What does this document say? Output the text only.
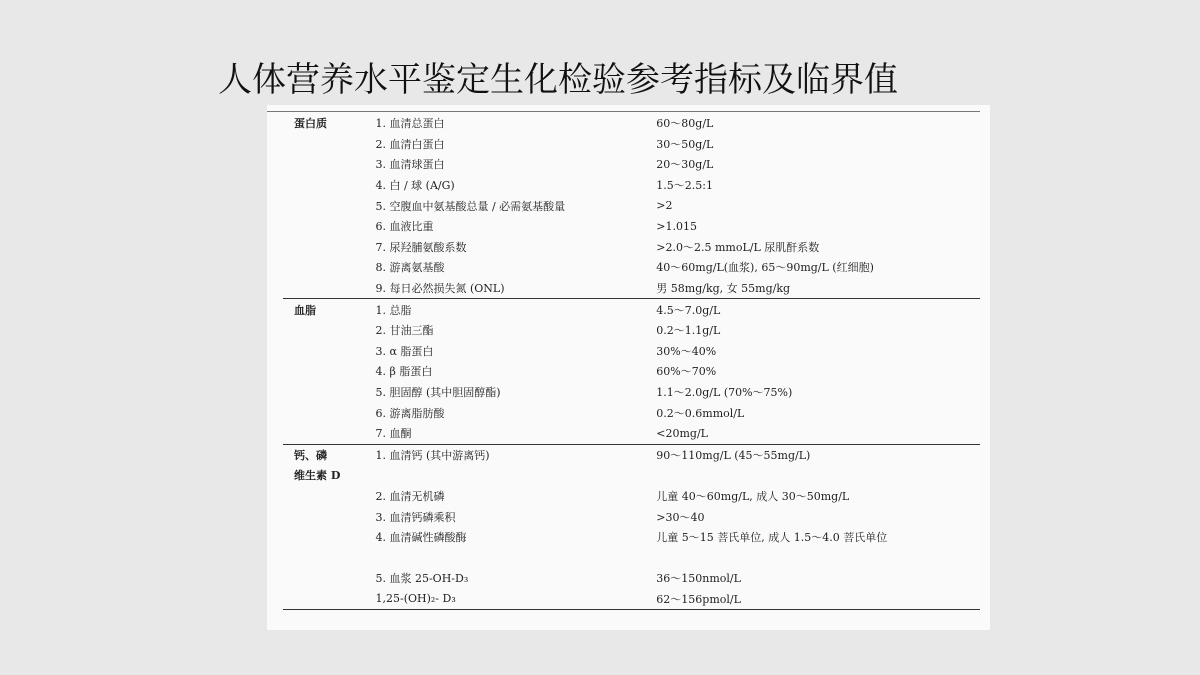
人体营养水平鉴定生化检验参考指标及临界值
蛋白质	1. 血清总蛋白	60～80g/L
	2. 血清白蛋白	30～50g/L
	3. 血清球蛋白	20～30g/L
	4. 白 / 球 (A/G)	1.5～2.5:1
	5. 空腹血中氨基酸总量 / 必需氨基酸量	>2
	6. 血液比重	>1.015
	7. 尿羟脯氨酸系数	>2.0～2.5 mmoL/L 尿肌酐系数
	8. 游离氨基酸	40～60mg/L(血浆), 65～90mg/L (红细胞)
	9. 每日必然损失氮 (ONL)	男 58mg/kg, 女 55mg/kg
血脂	1. 总脂	4.5～7.0g/L
	2. 甘油三酯	0.2～1.1g/L
	3. α 脂蛋白	30%～40%
	4. β 脂蛋白	60%～70%
	5. 胆固醇 (其中胆固醇酯)	1.1～2.0g/L (70%～75%)
	6. 游离脂肪酸	0.2～0.6mmol/L
	7. 血酮	<20mg/L
钙、磷	1. 血清钙 (其中游离钙)	90～110mg/L (45～55mg/L)
维生素 D		
	2. 血清无机磷	儿童 40～60mg/L, 成人 30～50mg/L
	3. 血清钙磷乘积	>30～40
	4. 血清碱性磷酸酶	儿童 5～15 菩氏单位, 成人 1.5～4.0 菩氏单位

	5. 血浆 25-OH-D₃	36～150nmol/L
	1,25-(OH)₂- D₃	62～156pmol/L
